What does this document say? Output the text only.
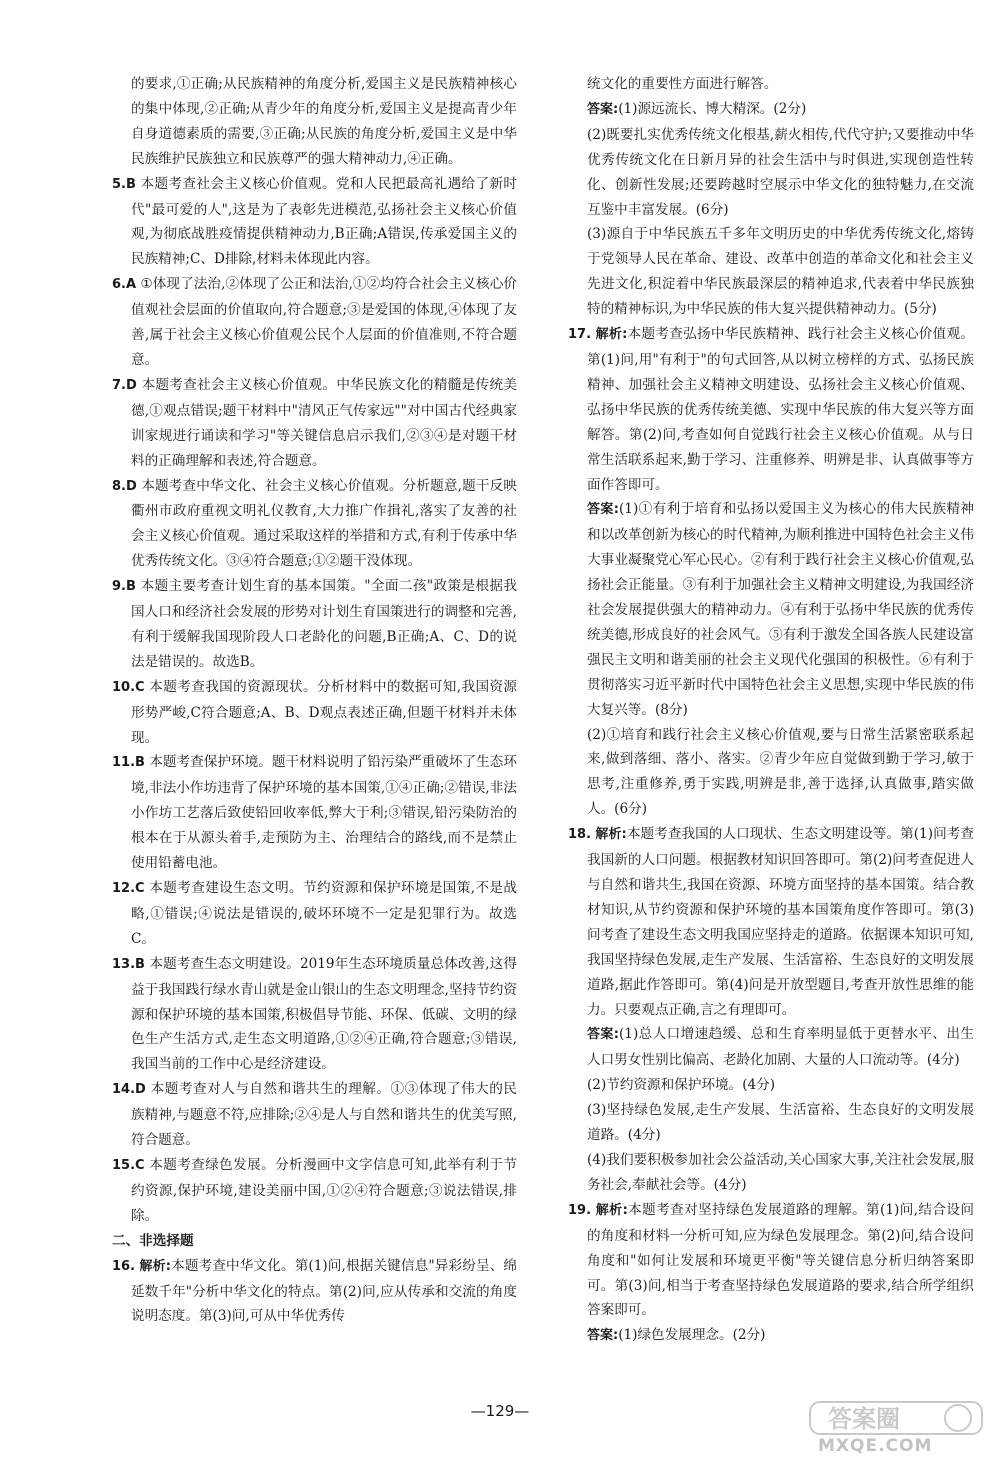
的要求,①正确;从民族精神的角度分析,爱国主义是民族精神核心的集中体现,②正确;从青少年的角度分析,爱国主义是提高青少年自身道德素质的需要,③正确;从民族的角度分析,爱国主义是中华民族维护民族独立和民族尊严的强大精神动力,④正确。

5.B 本题考查社会主义核心价值观。党和人民把最高礼遇给了新时代"最可爱的人",这是为了表彰先进模范,弘扬社会主义核心价值观,为彻底战胜疫情提供精神动力,B正确;A错误,传承爱国主义的民族精神;C、D排除,材料未体现此内容。

6.A ①体现了法治,②体现了公正和法治,①②均符合社会主义核心价值观社会层面的价值取向,符合题意;③是爱国的体现,④体现了友善,属于社会主义核心价值观公民个人层面的价值准则,不符合题意。

7.D 本题考查社会主义核心价值观。中华民族文化的精髓是传统美德,①观点错误;题干材料中"清风正气传家远""对中国古代经典家训家规进行诵读和学习"等关键信息启示我们,②③④是对题干材料的正确理解和表述,符合题意。

8.D 本题考查中华文化、社会主义核心价值观。分析题意,题干反映衢州市政府重视文明礼仪教育,大力推广作揖礼,落实了友善的社会主义核心价值观。通过采取这样的举措和方式,有利于传承中华优秀传统文化。③④符合题意;①②题干没体现。

9.B 本题主要考查计划生育的基本国策。"全面二孩"政策是根据我国人口和经济社会发展的形势对计划生育国策进行的调整和完善,有利于缓解我国现阶段人口老龄化的问题,B正确;A、C、D的说法是错误的。故选B。

10.C 本题考查我国的资源现状。分析材料中的数据可知,我国资源形势严峻,C符合题意;A、B、D观点表述正确,但题干材料并未体现。

11.B 本题考查保护环境。题干材料说明了铅污染严重破坏了生态环境,非法小作坊违背了保护环境的基本国策,①④正确;②错误,非法小作坊工艺落后致使铅回收率低,弊大于利;③错误,铅污染防治的根本在于从源头着手,走预防为主、治理结合的路线,而不是禁止使用铅蓄电池。

12.C 本题考查建设生态文明。节约资源和保护环境是国策,不是战略,①错误;④说法是错误的,破坏环境不一定是犯罪行为。故选C。

13.B 本题考查生态文明建设。2019年生态环境质量总体改善,这得益于我国践行绿水青山就是金山银山的生态文明理念,坚持节约资源和保护环境的基本国策,积极倡导节能、环保、低碳、文明的绿色生产生活方式,走生态文明道路,①②④正确,符合题意;③错误,我国当前的工作中心是经济建设。

14.D 本题考查对人与自然和谐共生的理解。①③体现了伟大的民族精神,与题意不符,应排除;②④是人与自然和谐共生的优美写照,符合题意。

15.C 本题考查绿色发展。分析漫画中文字信息可知,此举有利于节约资源,保护环境,建设美丽中国,①②④符合题意;③说法错误,排除。

二、非选择题

16. 解析:本题考查中华文化。第(1)问,根据关键信息"异彩纷呈、绵延数千年"分析中华文化的特点。第(2)问,应从传承和交流的角度说明态度。第(3)问,可从中华优秀传

统文化的重要性方面进行解答。

答案:(1)源远流长、博大精深。(2分)

(2)既要扎实优秀传统文化根基,薪火相传,代代守护;又要推动中华优秀传统文化在日新月异的社会生活中与时俱进,实现创造性转化、创新性发展;还要跨越时空展示中华文化的独特魅力,在交流互鉴中丰富发展。(6分)

(3)源自于中华民族五千多年文明历史的中华优秀传统文化,熔铸于党领导人民在革命、建设、改革中创造的革命文化和社会主义先进文化,积淀着中华民族最深层的精神追求,代表着中华民族独特的精神标识,为中华民族的伟大复兴提供精神动力。(5分)

17. 解析:本题考查弘扬中华民族精神、践行社会主义核心价值观。第(1)问,用"有利于"的句式回答,从以树立榜样的方式、弘扬民族精神、加强社会主义精神文明建设、弘扬社会主义核心价值观、弘扬中华民族的优秀传统美德、实现中华民族的伟大复兴等方面解答。第(2)问,考查如何自觉践行社会主义核心价值观。从与日常生活联系起来,勤于学习、注重修养、明辨是非、认真做事等方面作答即可。

答案:(1)①有利于培育和弘扬以爱国主义为核心的伟大民族精神和以改革创新为核心的时代精神,为顺利推进中国特色社会主义伟大事业凝聚党心军心民心。②有利于践行社会主义核心价值观,弘扬社会正能量。③有利于加强社会主义精神文明建设,为我国经济社会发展提供强大的精神动力。④有利于弘扬中华民族的优秀传统美德,形成良好的社会风气。⑤有利于激发全国各族人民建设富强民主文明和谐美丽的社会主义现代化强国的积极性。⑥有利于贯彻落实习近平新时代中国特色社会主义思想,实现中华民族的伟大复兴等。(8分)

(2)①培育和践行社会主义核心价值观,要与日常生活紧密联系起来,做到落细、落小、落实。②青少年应自觉做到勤于学习,敏于思考,注重修养,勇于实践,明辨是非,善于选择,认真做事,踏实做人。(6分)

18. 解析:本题考查我国的人口现状、生态文明建设等。第(1)问考查我国新的人口问题。根据教材知识回答即可。第(2)问考查促进人与自然和谐共生,我国在资源、环境方面坚持的基本国策。结合教材知识,从节约资源和保护环境的基本国策角度作答即可。第(3)问考查了建设生态文明我国应坚持走的道路。依据课本知识可知,我国坚持绿色发展,走生产发展、生活富裕、生态良好的文明发展道路,据此作答即可。第(4)问是开放型题目,考查开放性思维的能力。只要观点正确,言之有理即可。

答案:(1)总人口增速趋缓、总和生育率明显低于更替水平、出生人口男女性别比偏高、老龄化加剧、大量的人口流动等。(4分)

(2)节约资源和保护环境。(4分)

(3)坚持绿色发展,走生产发展、生活富裕、生态良好的文明发展道路。(4分)

(4)我们要积极参加社会公益活动,关心国家大事,关注社会发展,服务社会,奉献社会等。(4分)

19. 解析:本题考查对坚持绿色发展道路的理解。第(1)问,结合设问的角度和材料一分析可知,应为绿色发展理念。第(2)问,结合设问角度和"如何让发展和环境更平衡"等关键信息分析归纳答案即可。第(3)问,相当于考查坚持绿色发展道路的要求,结合所学组织答案即可。

答案:(1)绿色发展理念。(2分)

—129—	答案圈
MXQE.COM
